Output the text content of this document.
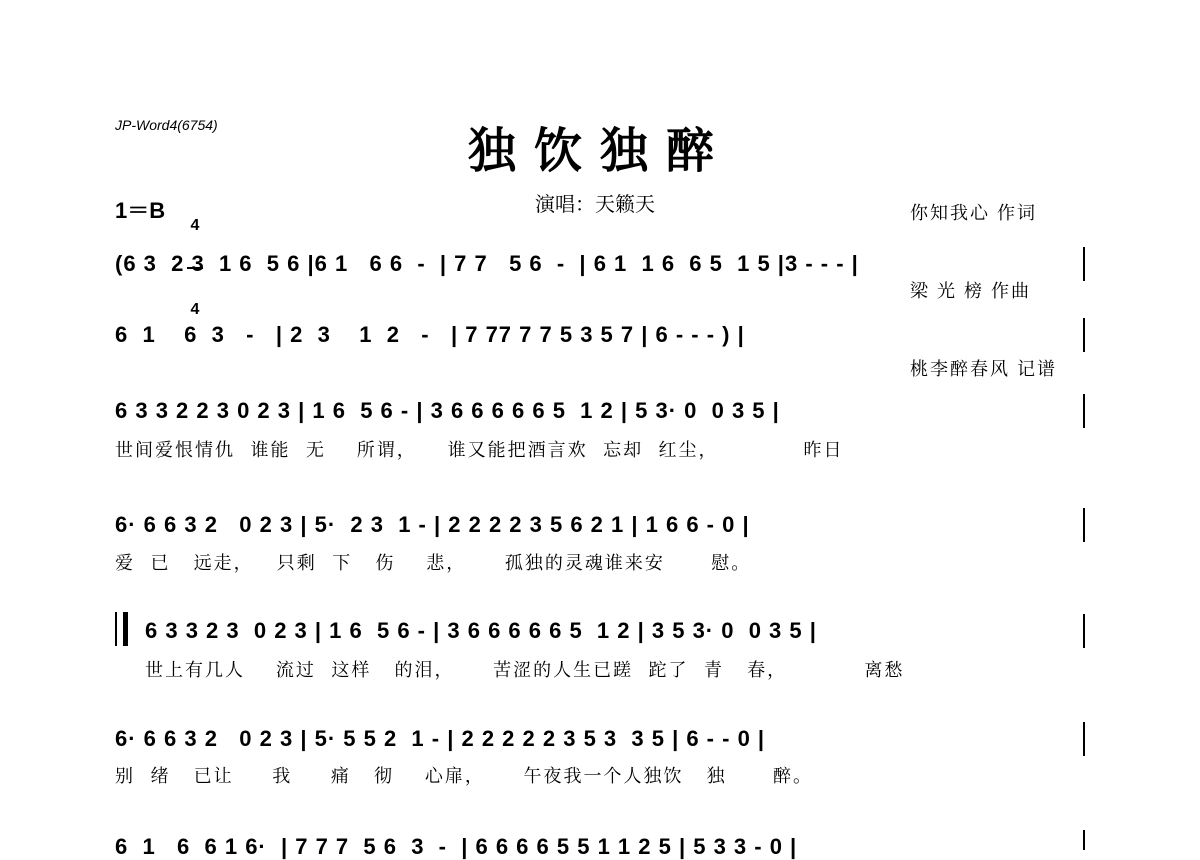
JP-Word4(6754)	独饮独醉
1＝B

4

4

演唱：天籁天

	你知我心 作词

梁 光 榜 作曲

桃李醉春风 记谱

(6 3  2 3  1 6  5 6 |6 1   6 6  -  | 7 7   5 6  -  | 6 1  1 6  6 5  1 5 |3 - - - |
6  1    6  3   -   | 2  3    1  2   -   | 7 77 7 7 5 3 5 7 | 6 - - - ) |
6 3 3 2 2 3 0 2 3 | 1 6  5 6 - | 3 6 6 6 6 6 5  1 2 | 5 3· 0  0 3 5 |
世间爱恨情仇  谁能  无    所谓，    谁又能把酒言欢  忘却  红尘，           昨日
6· 6 6 3 2   0 2 3 | 5·  2 3  1 - | 2 2 2 2 3 5 6 2 1 | 1 6 6 - 0 |
爱  已   远走，   只剩  下   伤    悲，     孤独的灵魂谁来安      慰。
6 3 3 2 3  0 2 3 | 1 6  5 6 - | 3 6 6 6 6 6 5  1 2 | 3 5 3· 0  0 3 5 |
世上有几人    流过  这样   的泪，     苦涩的人生已蹉  跎了  青   春，          离愁
6· 6 6 3 2   0 2 3 | 5· 5 5 2  1 - | 2 2 2 2 2 3 5 3  3 5 | 6 - - 0 |
别  绪   已让     我     痛   彻    心扉，     午夜我一个人独饮   独      醉。
6  1   6  6 1 6·  | 7 7 7  5 6  3  -  | 6 6 6 6 5 5 1 1 2 5 | 5 3 3 - 0 |
